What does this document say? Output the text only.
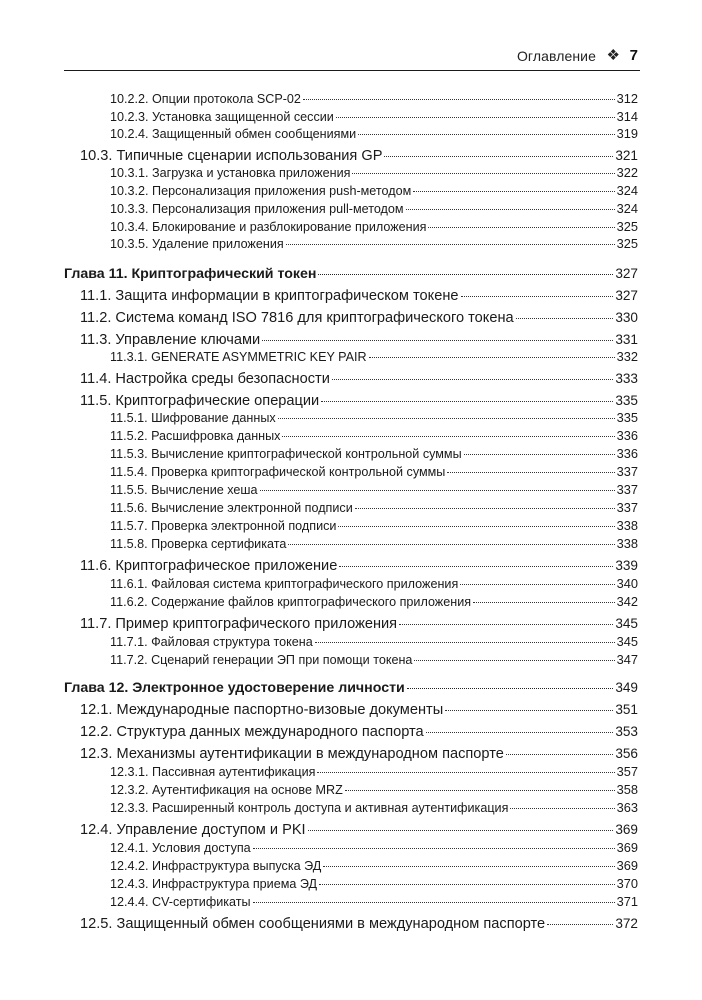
Оглавление ❖ 7
10.2.2. Опции протокола SCP-02	312
10.2.3. Установка защищенной сессии	314
10.2.4. Защищенный обмен сообщениями	319
10.3. Типичные сценарии использования GP	321
10.3.1. Загрузка и установка приложения	322
10.3.2. Персонализация приложения push-методом	324
10.3.3. Персонализация приложения pull-методом	324
10.3.4. Блокирование и разблокирование приложения	325
10.3.5. Удаление приложения	325
Глава 11. Криптографический токен	327
11.1. Защита информации в криптографическом токене	327
11.2. Система команд ISO 7816 для криптографического токена	330
11.3. Управление ключами	331
11.3.1. GENERATE ASYMMETRIC KEY PAIR	332
11.4. Настройка среды безопасности	333
11.5. Криптографические операции	335
11.5.1. Шифрование данных	335
11.5.2. Расшифровка данных	336
11.5.3. Вычисление криптографической контрольной суммы	336
11.5.4. Проверка криптографической контрольной суммы	337
11.5.5. Вычисление хеша	337
11.5.6. Вычисление электронной подписи	337
11.5.7. Проверка электронной подписи	338
11.5.8. Проверка сертификата	338
11.6. Криптографическое приложение	339
11.6.1. Файловая система криптографического приложения	340
11.6.2. Содержание файлов криптографического приложения	342
11.7. Пример криптографического приложения	345
11.7.1. Файловая структура токена	345
11.7.2. Сценарий генерации ЭП при помощи токена	347
Глава 12. Электронное удостоверение личности	349
12.1. Международные паспортно-визовые документы	351
12.2. Структура данных международного паспорта	353
12.3. Механизмы аутентификации в международном паспорте	356
12.3.1. Пассивная аутентификация	357
12.3.2. Аутентификация на основе MRZ	358
12.3.3. Расширенный контроль доступа и активная аутентификация	363
12.4. Управление доступом и PKI	369
12.4.1. Условия доступа	369
12.4.2. Инфраструктура выпуска ЭД	369
12.4.3. Инфраструктура приема ЭД	370
12.4.4. CV-сертификаты	371
12.5. Защищенный обмен сообщениями в международном паспорте	372
